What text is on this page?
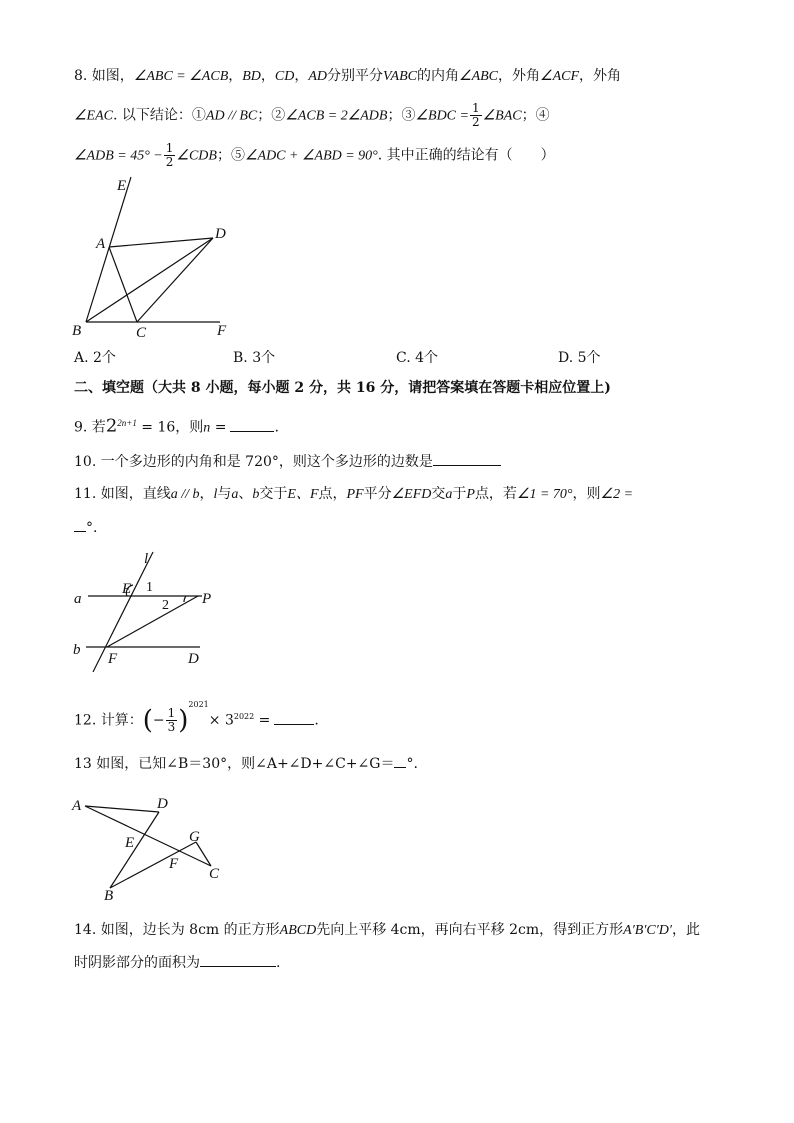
8. 如图，∠ABC = ∠ACB，BD，CD，AD分别平分VABC的内角∠ABC，外角∠ACF，外角
∠EAC. 以下结论：①AD // BC；②∠ACB = 2∠ADB；③∠BDC = $\frac{1}{2}$ ∠BAC；④
∠ADB = $45^\circ - \frac{1}{2}$ ∠CDB；⑤∠ADC + ∠ABD = 90°. 其中正确的结论有（　　）
E
A
D
B	C	F
A. 2个	B. 3个	C. 4个	D. 5个
二、填空题（大共 8 小题，每小题 2 分，共 16 分，请把答案填在答题卡相应位置上)
9. 若$2^{2n+1} = 16$，则n =	.
10. 一个多边形的内角和是 720°，则这个多边形的边数是
11. 如图，直线a // b，l与a、b交于E、F点，PF平分∠EFD交a于P点，若∠1 = 70°，则∠2 =
°.
l
E 1
a	2 P
b
F	D
12. 计算：(− $\frac{1}{3} )^{2021}\times 3^{2022}$ =	.
13 如图，已知∠B＝30°，则∠A+∠D+∠C+∠G＝ °.
A	D
E	G
F
C
B
14. 如图，边长为 8cm 的正方形ABCD先向上平移 4cm，再向右平移 2cm，得到正方形A′B′C′D′，此
时阴影部分的面积为	.
